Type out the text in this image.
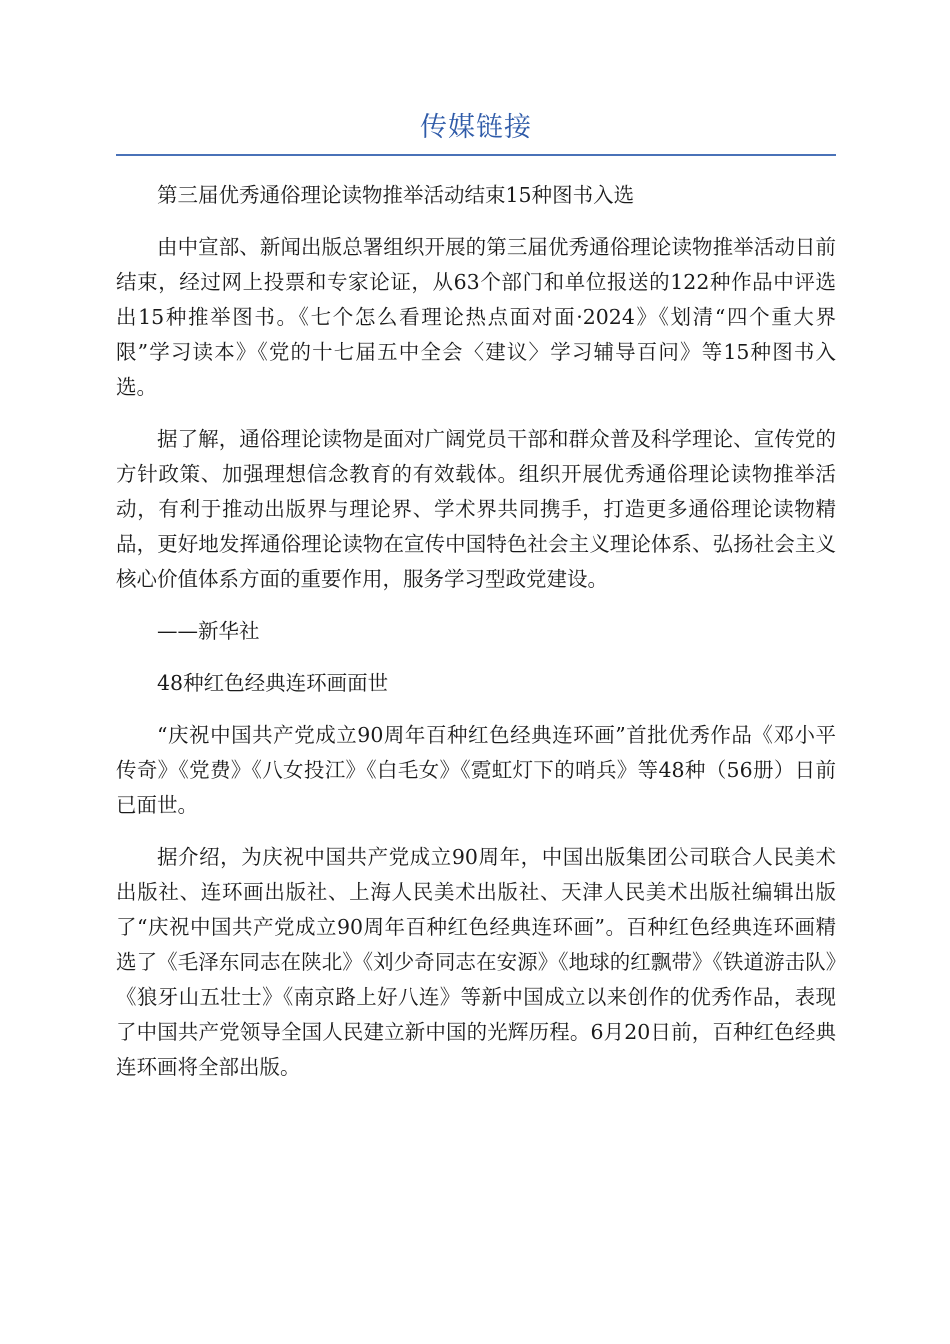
传媒链接

第三届优秀通俗理论读物推举活动结束15种图书入选

由中宣部、新闻出版总署组织开展的第三届优秀通俗理论读物推举活动日前结束，经过网上投票和专家论证，从63个部门和单位报送的122种作品中评选出15种推举图书。《七个怎么看理论热点面对面·2024》《划清“四个重大界限”学习读本》《党的十七届五中全会〈建议〉学习辅导百问》等15种图书入选。

据了解，通俗理论读物是面对广阔党员干部和群众普及科学理论、宣传党的方针政策、加强理想信念教育的有效载体。组织开展优秀通俗理论读物推举活动，有利于推动出版界与理论界、学术界共同携手，打造更多通俗理论读物精品，更好地发挥通俗理论读物在宣传中国特色社会主义理论体系、弘扬社会主义核心价值体系方面的重要作用，服务学习型政党建设。

——新华社

48种红色经典连环画面世

“庆祝中国共产党成立90周年百种红色经典连环画”首批优秀作品《邓小平传奇》《党费》《八女投江》《白毛女》《霓虹灯下的哨兵》等48种（56册）日前已面世。

据介绍，为庆祝中国共产党成立90周年，中国出版集团公司联合人民美术出版社、连环画出版社、上海人民美术出版社、天津人民美术出版社编辑出版了“庆祝中国共产党成立90周年百种红色经典连环画”。百种红色经典连环画精选了《毛泽东同志在陕北》《刘少奇同志在安源》《地球的红飘带》《铁道游击队》《狼牙山五壮士》《南京路上好八连》等新中国成立以来创作的优秀作品，表现了中国共产党领导全国人民建立新中国的光辉历程。6月20日前，百种红色经典连环画将全部出版。
